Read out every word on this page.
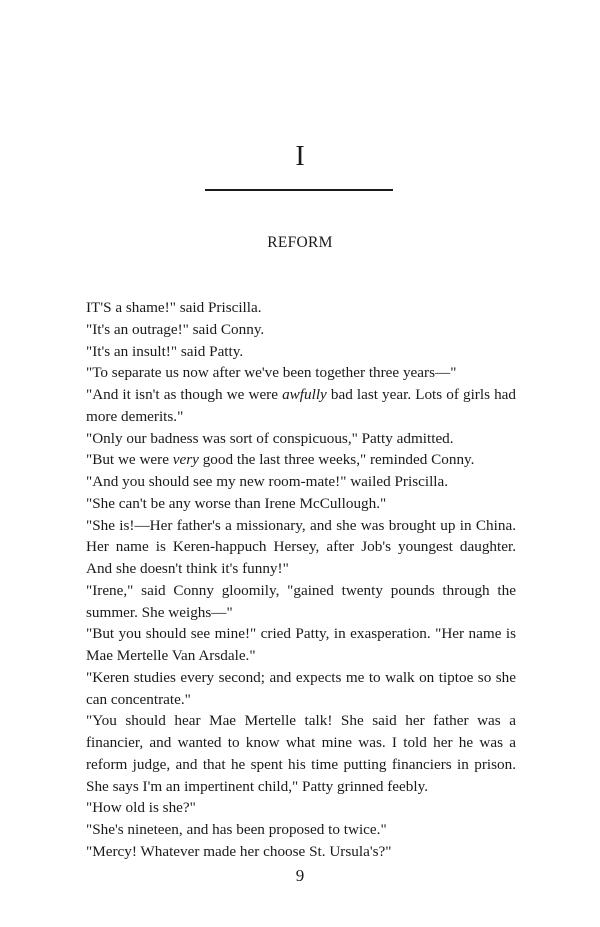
I
REFORM

IT'S a shame!" said Priscilla.

"It's an outrage!" said Conny.

"It's an insult!" said Patty.

"To separate us now after we've been together three years—"

"And it isn't as though we were awfully bad last year. Lots of girls had more demerits."

"Only our badness was sort of conspicuous," Patty admitted.

"But we were very good the last three weeks," reminded Conny.

"And you should see my new room-mate!" wailed Priscilla.

"She can't be any worse than Irene McCullough."

"She is!—Her father's a missionary, and she was brought up in China. Her name is Keren-happuch Hersey, after Job's youngest daughter. And she doesn't think it's funny!"

"Irene," said Conny gloomily, "gained twenty pounds through the summer. She weighs—"

"But you should see mine!" cried Patty, in exasperation. "Her name is Mae Mertelle Van Arsdale."

"Keren studies every second; and expects me to walk on tiptoe so she can concentrate."

"You should hear Mae Mertelle talk! She said her father was a financier, and wanted to know what mine was. I told her he was a reform judge, and that he spent his time putting financiers in prison. She says I'm an impertinent child," Patty grinned feebly.

"How old is she?"

"She's nineteen, and has been proposed to twice."

"Mercy! Whatever made her choose St. Ursula's?"

9
